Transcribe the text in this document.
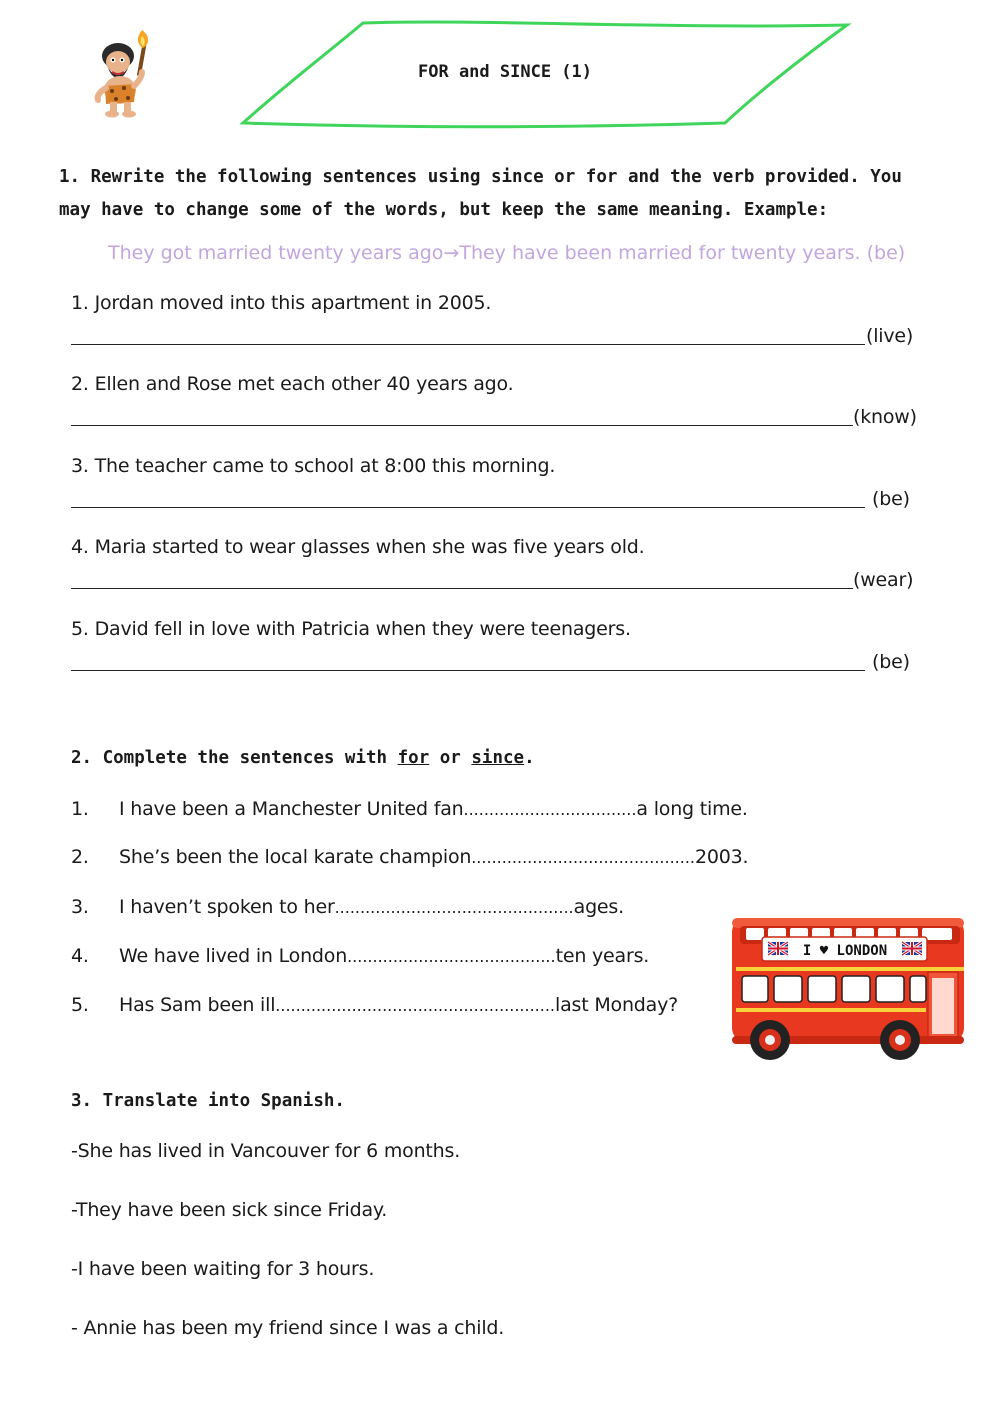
FOR and SINCE (1)
1. Rewrite the following sentences using since or for and the verb provided. You may have to change some of the words, but keep the same meaning. Example:
They got married twenty years ago→They have been married for twenty years. (be)
1. Jordan moved into this apartment in 2005.
(live)
2. Ellen and Rose met each other 40 years ago.
(know)
3. The teacher came to school at 8:00 this morning.
(be)
4. Maria started to wear glasses when she was five years old.
(wear)
5. David fell in love with Patricia when they were teenagers.
(be)
2. Complete the sentences with for or since.
1.	I have been a Manchester United fan..................................a long time.
2.	She’s been the local karate champion............................................2003.
3.	I haven’t spoken to her...............................................ages.
4.	We have lived in London.........................................ten years.
5.	Has Sam been ill.......................................................last Monday?
I ♥ LONDON
3. Translate into Spanish.
-She has lived in Vancouver for 6 months.
-They have been sick since Friday.
-I have been waiting for 3 hours.
- Annie has been my friend since I was a child.
